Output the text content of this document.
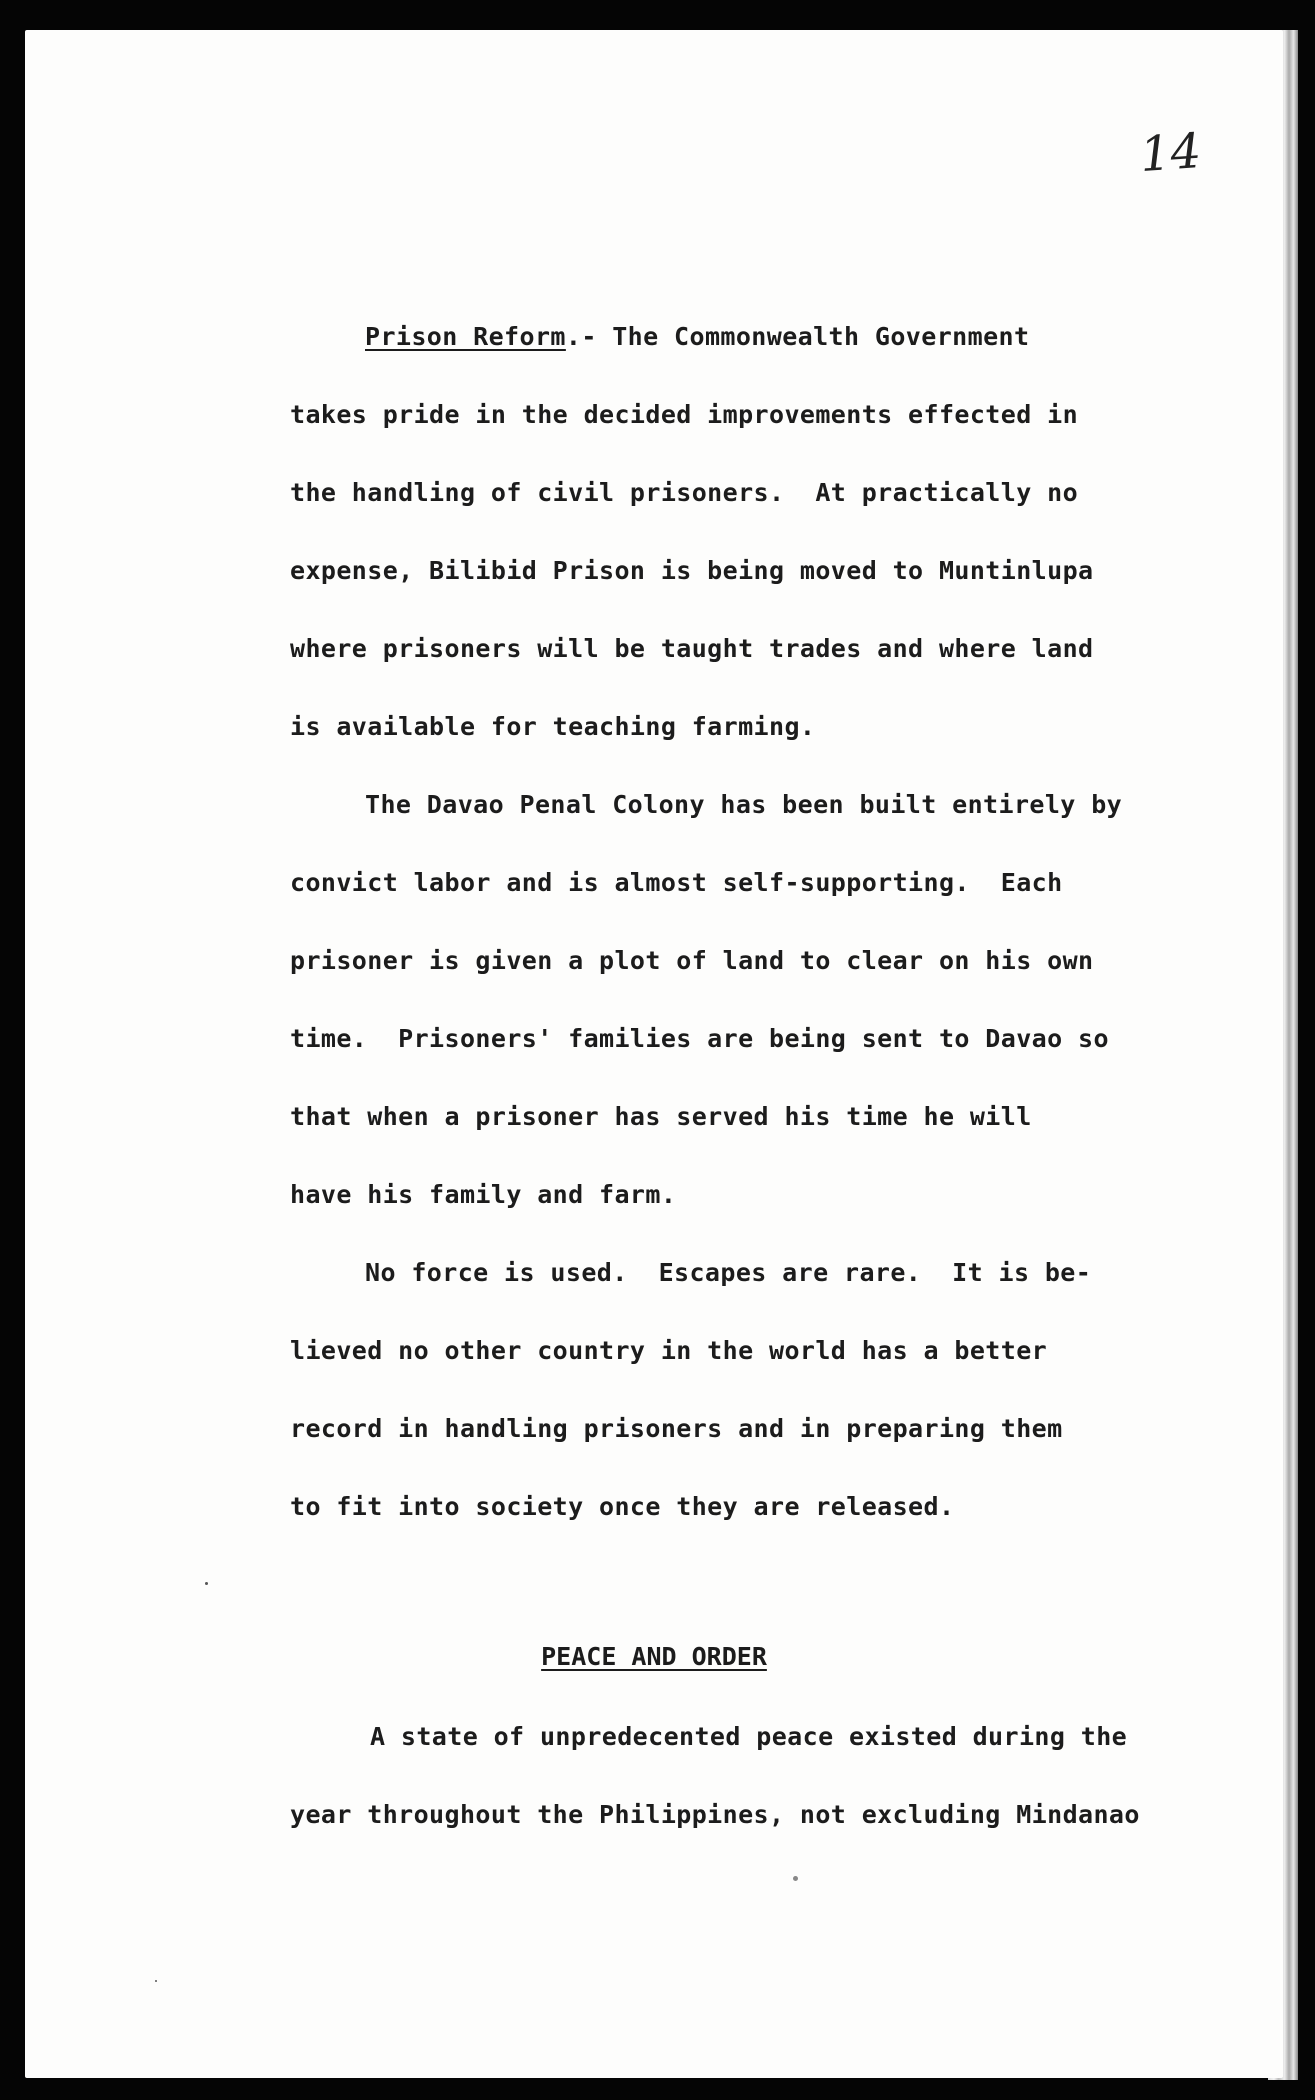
14
Prison Reform.- The Commonwealth Government
takes pride in the decided improvements effected in
the handling of civil prisoners.  At practically no
expense, Bilibid Prison is being moved to Muntinlupa
where prisoners will be taught trades and where land
is available for teaching farming.
The Davao Penal Colony has been built entirely by
convict labor and is almost self-supporting.  Each
prisoner is given a plot of land to clear on his own
time.  Prisoners' families are being sent to Davao so
that when a prisoner has served his time he will
have his family and farm.
No force is used.  Escapes are rare.  It is be-
lieved no other country in the world has a better
record in handling prisoners and in preparing them
to fit into society once they are released.
PEACE AND ORDER
A state of unpredecented peace existed during the
year throughout the Philippines, not excluding Mindanao
